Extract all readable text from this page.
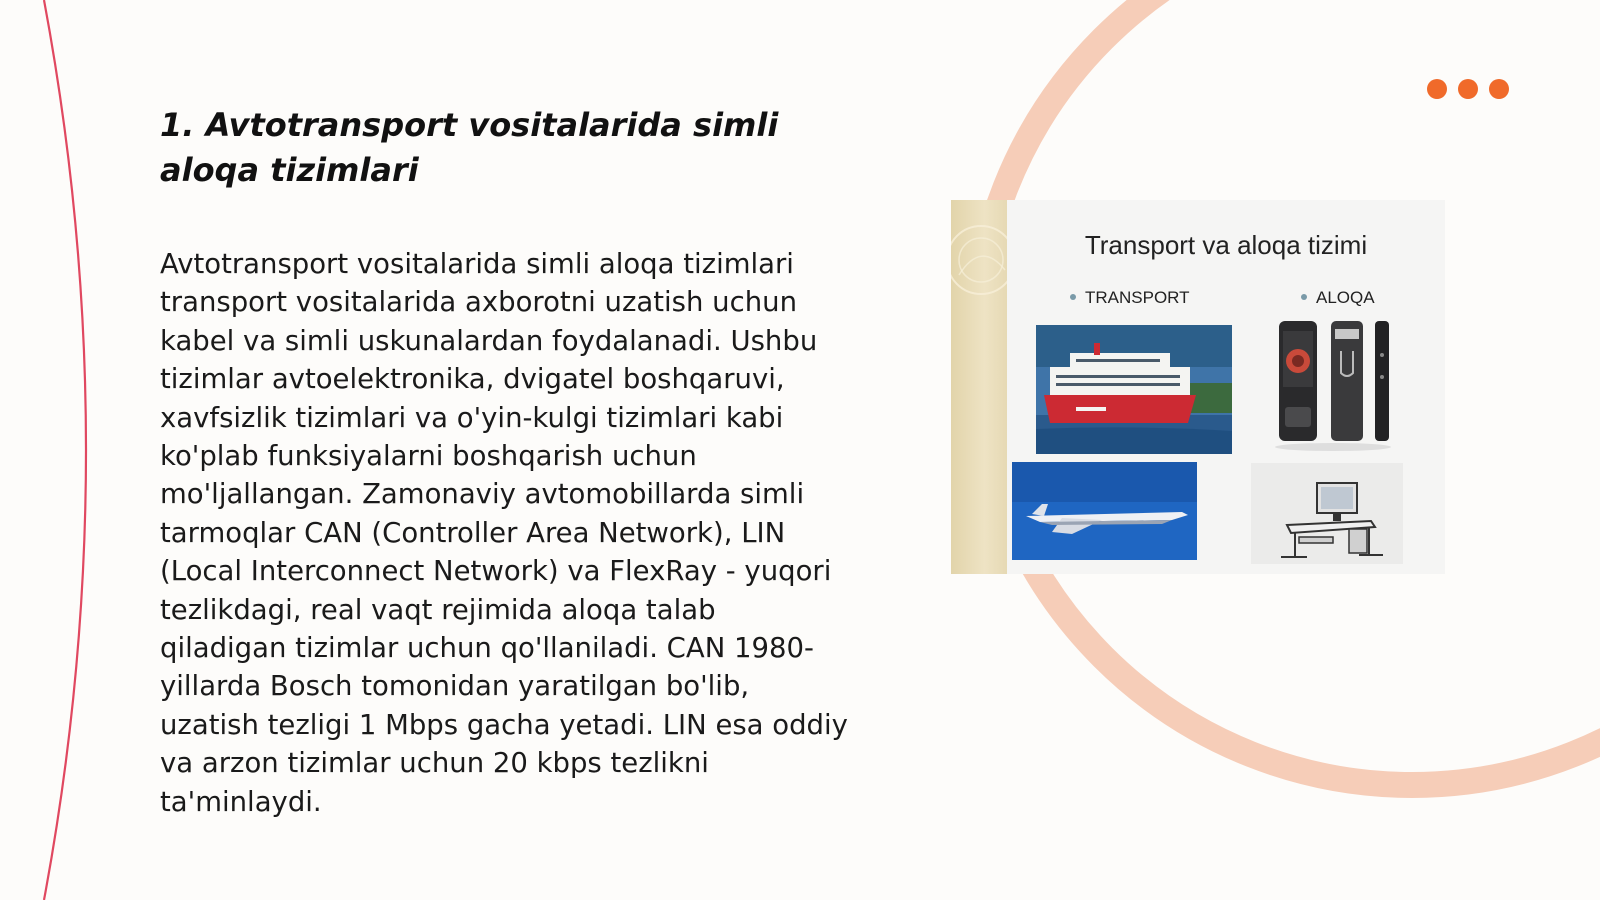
1. Avtotransport vositalarida simli aloqa tizimlari

Avtotransport vositalarida simli aloqa tizimlari transport vositalarida axborotni uzatish uchun kabel va simli uskunalardan foydalanadi. Ushbu tizimlar avtoelektronika, dvigatel boshqaruvi, xavfsizlik tizimlari va o'yin-kulgi tizimlari kabi ko'plab funksiyalarni boshqarish uchun mo'ljallangan. Zamonaviy avtomobillarda simli tarmoqlar CAN (Controller Area Network), LIN (Local Interconnect Network) va FlexRay - yuqori tezlikdagi, real vaqt rejimida aloqa talab qiladigan tizimlar uchun qo'llaniladi. CAN 1980-yillarda Bosch tomonidan yaratilgan bo'lib, uzatish tezligi 1 Mbps gacha yetadi. LIN esa oddiy va arzon tizimlar uchun 20 kbps tezlikni ta'minlaydi.

Transport va aloqa tizimi
TRANSPORT	ALOQA
